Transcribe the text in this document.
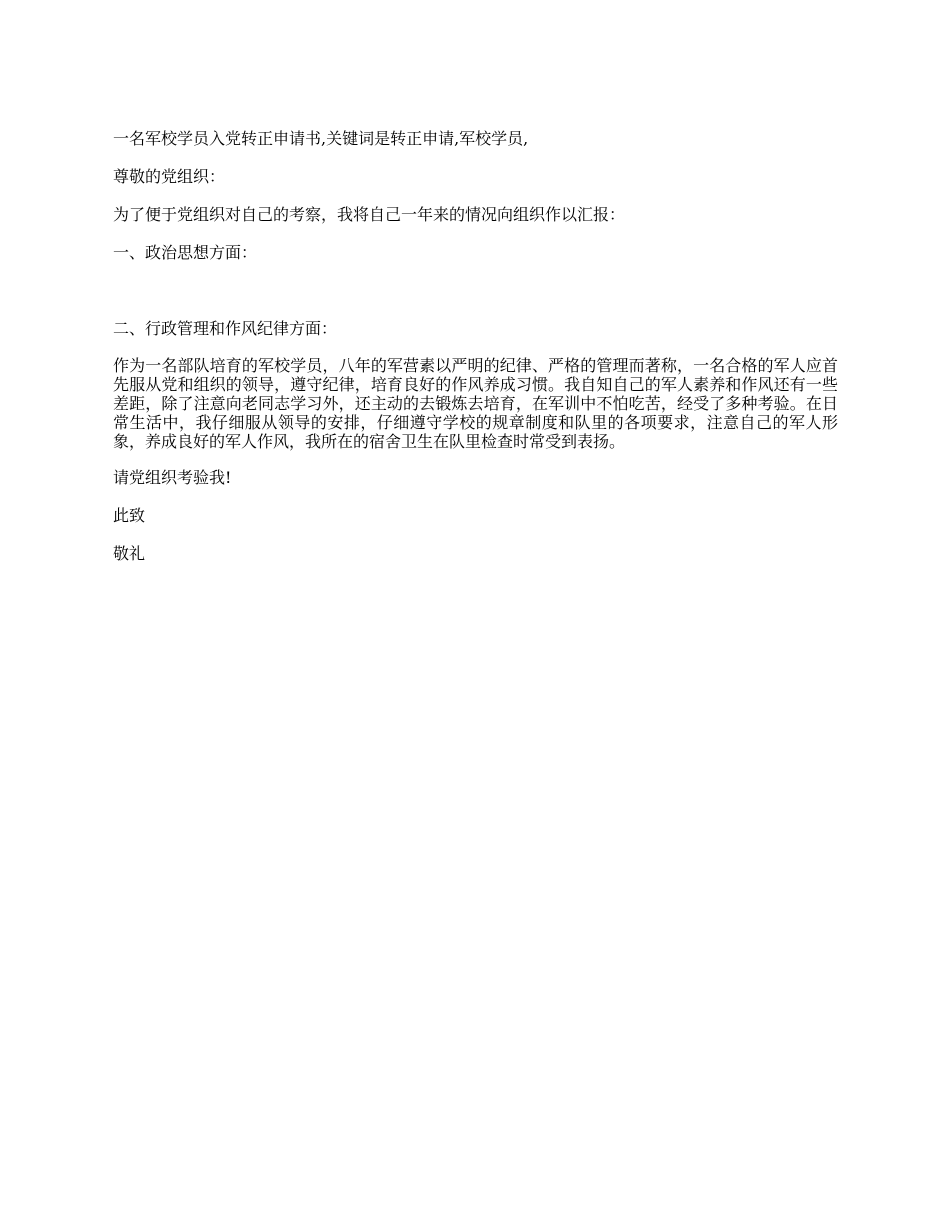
一名军校学员入党转正申请书,关键词是转正申请,军校学员,

尊敬的党组织：

为了便于党组织对自己的考察，我将自己一年来的情况向组织作以汇报：

一、政治思想方面：

二、行政管理和作风纪律方面：

作为一名部队培育的军校学员，八年的军营素以严明的纪律、严格的管理而著称，一名合格的军人应首先服从党和组织的领导，遵守纪律，培育良好的作风养成习惯。我自知自己的军人素养和作风还有一些差距，除了注意向老同志学习外，还主动的去锻炼去培育，在军训中不怕吃苦，经受了多种考验。在日常生活中，我仔细服从领导的安排，仔细遵守学校的规章制度和队里的各项要求，注意自己的军人形象，养成良好的军人作风，我所在的宿舍卫生在队里检查时常受到表扬。

请党组织考验我!

此致

敬礼
